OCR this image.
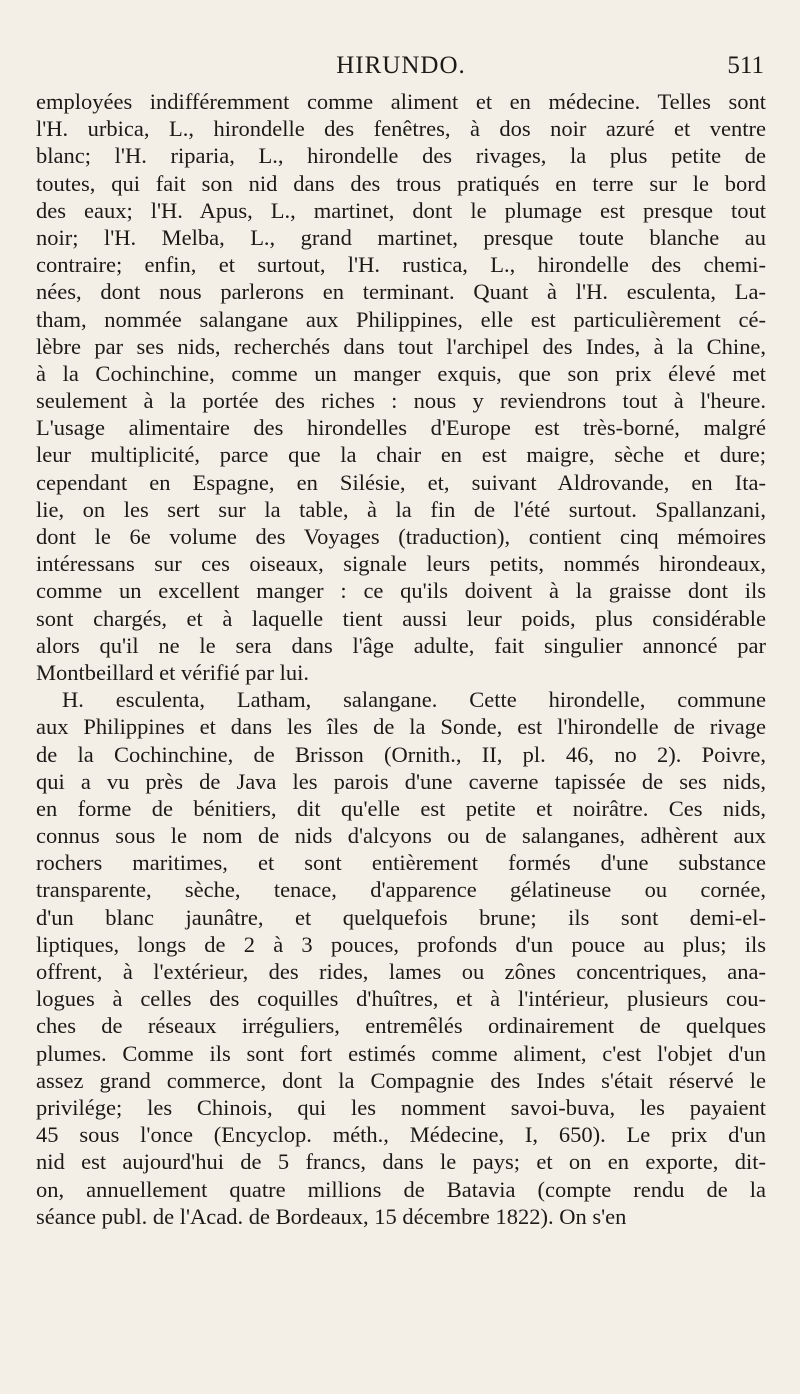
HIRUNDO.	511
employées indifféremment comme aliment et en médecine. Telles sont
l'H. urbica, L., hirondelle des fenêtres, à dos noir azuré et ventre
blanc; l'H. riparia, L., hirondelle des rivages, la plus petite de
toutes, qui fait son nid dans des trous pratiqués en terre sur le bord
des eaux; l'H. Apus, L., martinet, dont le plumage est presque tout
noir; l'H. Melba, L., grand martinet, presque toute blanche au
contraire; enfin, et surtout, l'H. rustica, L., hirondelle des chemi-
nées, dont nous parlerons en terminant. Quant à l'H. esculenta, La-
tham, nommée salangane aux Philippines, elle est particulièrement cé-
lèbre par ses nids, recherchés dans tout l'archipel des Indes, à la Chine,
à la Cochinchine, comme un manger exquis, que son prix élevé met
seulement à la portée des riches : nous y reviendrons tout à l'heure.
L'usage alimentaire des hirondelles d'Europe est très-borné, malgré
leur multiplicité, parce que la chair en est maigre, sèche et dure;
cependant en Espagne, en Silésie, et, suivant Aldrovande, en Ita-
lie, on les sert sur la table, à la fin de l'été surtout. Spallanzani,
dont le 6e volume des Voyages (traduction), contient cinq mémoires
intéressans sur ces oiseaux, signale leurs petits, nommés hirondeaux,
comme un excellent manger : ce qu'ils doivent à la graisse dont ils
sont chargés, et à laquelle tient aussi leur poids, plus considérable
alors qu'il ne le sera dans l'âge adulte, fait singulier annoncé par
Montbeillard et vérifié par lui.
H. esculenta, Latham, salangane. Cette hirondelle, commune
aux Philippines et dans les îles de la Sonde, est l'hirondelle de rivage
de la Cochinchine, de Brisson (Ornith., II, pl. 46, no 2). Poivre,
qui a vu près de Java les parois d'une caverne tapissée de ses nids,
en forme de bénitiers, dit qu'elle est petite et noirâtre. Ces nids,
connus sous le nom de nids d'alcyons ou de salanganes, adhèrent aux
rochers maritimes, et sont entièrement formés d'une substance
transparente, sèche, tenace, d'apparence gélatineuse ou cornée,
d'un blanc jaunâtre, et quelquefois brune; ils sont demi-el-
liptiques, longs de 2 à 3 pouces, profonds d'un pouce au plus; ils
offrent, à l'extérieur, des rides, lames ou zônes concentriques, ana-
logues à celles des coquilles d'huîtres, et à l'intérieur, plusieurs cou-
ches de réseaux irréguliers, entremêlés ordinairement de quelques
plumes. Comme ils sont fort estimés comme aliment, c'est l'objet d'un
assez grand commerce, dont la Compagnie des Indes s'était réservé le
privilége; les Chinois, qui les nomment savoi-buva, les payaient
45 sous l'once (Encyclop. méth., Médecine, I, 650). Le prix d'un
nid est aujourd'hui de 5 francs, dans le pays; et on en exporte, dit-
on, annuellement quatre millions de Batavia (compte rendu de la
séance publ. de l'Acad. de Bordeaux, 15 décembre 1822). On s'en
